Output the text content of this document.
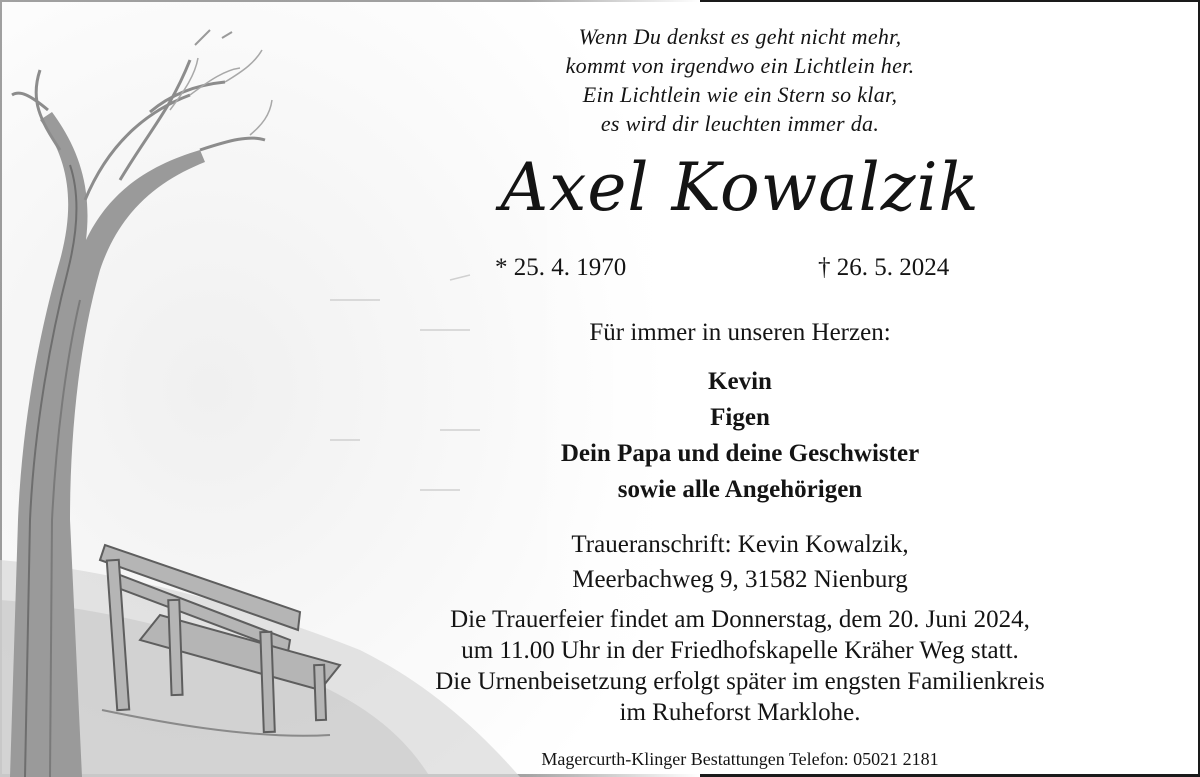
Wenn Du denkst es geht nicht mehr,
kommt von irgendwo ein Lichtlein her.
Ein Lichtlein wie ein Stern so klar,
es wird dir leuchten immer da.
Axel Kowalzik
* 25. 4. 1970	† 26. 5. 2024
Für immer in unseren Herzen:
Kevin
Figen
Dein Papa und deine Geschwister
sowie alle Angehörigen
Traueranschrift: Kevin Kowalzik,
Meerbachweg 9, 31582 Nienburg
Die Trauerfeier findet am Donnerstag, dem 20. Juni 2024,
um 11.00 Uhr in der Friedhofskapelle Kräher Weg statt.
Die Urnenbeisetzung erfolgt später im engsten Familienkreis
im Ruheforst Marklohe.
Magercurth-Klinger Bestattungen Telefon: 05021 2181
